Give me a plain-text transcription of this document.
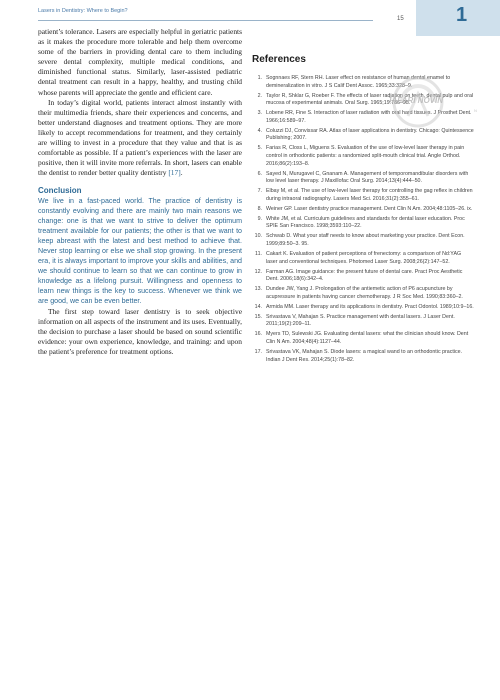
Lasers in Dentistry: Where to Begin?
15	1

patient’s tolerance. Lasers are especially helpful in geriatric patients as it makes the procedure more tolerable and help them overcome some of the barriers in providing dental care to them including severe dental complexity, multiple medical conditions, and diminished functional status. Similarly, laser-assisted pediatric dental treatment can result in a happy, healthy, and trusting child whose parents will appreciate the gentle and efficient care.

In today’s digital world, patients interact almost instantly with their multimedia friends, share their experiences and concerns, and better understand diagnoses and treatment options. They are more likely to accept recommendations for treatment, and they certainly are willing to invest in a procedure that they value and that is as comfortable as possible. If a patient’s experiences with the laser are positive, then it will invite more referrals. In short, lasers can enable the dentist to render better quality dentistry [17].

Conclusion

We live in a fast-paced world. The practice of dentistry is constantly evolving and there are mainly two main reasons we change: one is that we want to strive to deliver the optimum treatment available for our patients; the other is that we want to keep abreast with the latest and best method to achieve that. Never stop learning or else we shall stop growing. In the present era, it is always important to improve your skills and abilities, and we should continue to learn so that we can continue to grow in knowledge as a lifelong pursuit. Willingness and openness to learn new things is the key to success. Whenever we think we are good, we can be even better.

The first step toward laser dentistry is to seek objective information on all aspects of the instrument and its uses. Eventually, the decision to purchase a laser should be based on sound scientific evidence: your own experience, knowledge, and training: and upon the patient’s preference for treatment options.

References
1. Sognnaes RF, Stern RH. Laser effect on resistance of human dental enamel to demineralization in vitro. J S Calif Dent Assoc. 1965;33:328–9.
2. Taylor R, Shklar G, Roeber F. The effects of laser radiation on teeth, dental pulp and oral mucosa of experimental animals. Oral Surg. 1965;19:786–95.
3. Lobene RR, Fine S. Interaction of laser radiation with oral hard tissues. J Prosthet Dent. 1966;16:589–97.
4. Coluzzi DJ, Convissar RA. Atlas of laser applications in dentistry. Chicago: Quintessence Publishing; 2007.
5. Farias R, Closs L, Miguens S. Evaluation of the use of low-level laser therapy in pain control in orthodontic patients: a randomized split-mouth clinical trial. Angle Orthod. 2016;86(2):193–8.
6. Sayed N, Murugavel C, Gnanam A. Management of temporomandibular disorders with low level laser therapy. J Maxillofac Oral Surg. 2014;13(4):444–50.
7. Elbay M, et al. The use of low-level laser therapy for controlling the gag reflex in children during intraoral radiography. Lasers Med Sci. 2016;31(2):355–61.
8. Weiner GP. Laser dentistry practice management. Dent Clin N Am. 2004;48:1105–26. ix.
9. White JM, et al. Curriculum guidelines and standards for dental laser education. Proc SPIE San Francisco. 1998;3593:110–22.
10. Schwab D. What your staff needs to know about marketing your practice. Dent Econ. 1999;89:50–3. 95.
11. Cakart K. Evaluation of patient perceptions of frenectomy: a comparison of Nd:YAG laser and conventional techniques. Photomed Laser Surg. 2008;26(2):147–52.
12. Farman AG. Image guidance: the present future of dental care. Pract Proc Aesthetic Dent. 2006;18(6):342–4.
13. Dundee JW, Yang J. Prolongation of the antiemetic action of P6 acupuncture by acupressure in patients having cancer chemotherapy. J R Soc Med. 1990;83:360–2.
14. Armida MM. Laser therapy and its applications in dentistry. Pract Odontol. 1989;10:9–16.
15. Srivastava V, Mahajan S. Practice management with dental lasers. J Laser Dent. 2011;19(2):209–11.
16. Myers TD, Sulewski JG. Evaluating dental lasers: what the clinician should know. Dent Clin N Am. 2004;48(4):1127–44.
17. Srivastava VK, Mahajan S. Diode lasers: a magical wand to an orthodontic practice. Indian J Dent Res. 2014;25(1):78–82.
JAFARI NOVIN
N
